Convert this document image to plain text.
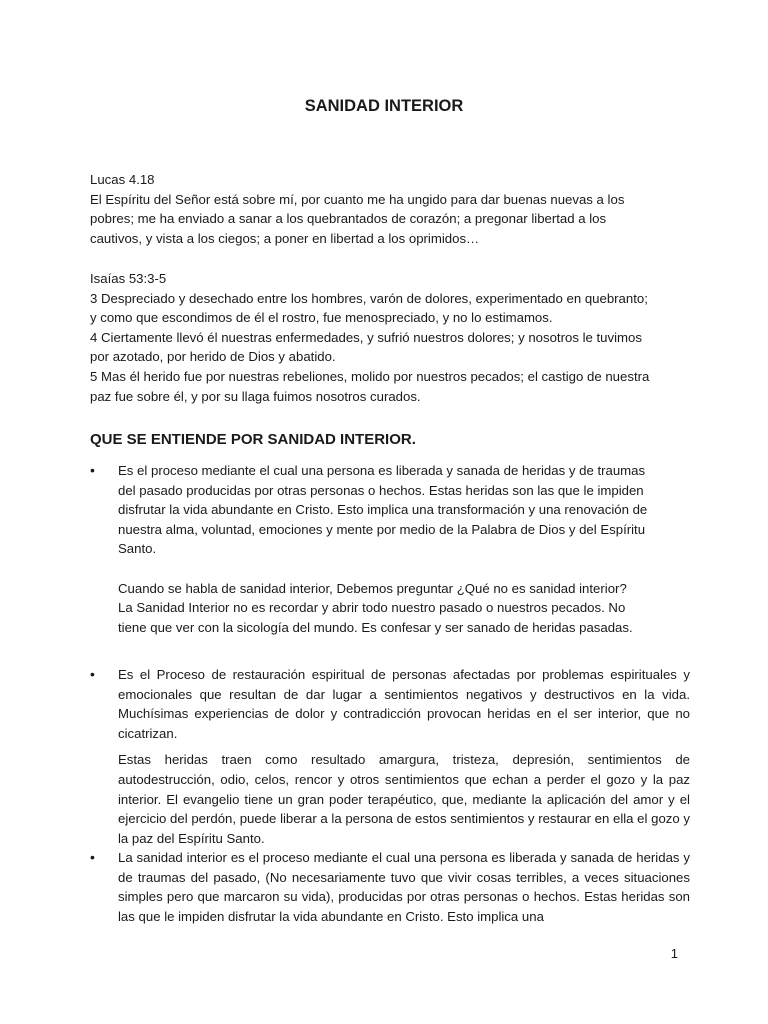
SANIDAD INTERIOR

Lucas 4.18

El Espíritu del Señor está sobre mí, por cuanto me ha ungido para dar buenas nuevas a los

pobres; me ha enviado a sanar a los quebrantados de corazón; a pregonar libertad a los

cautivos, y vista a los ciegos; a poner en libertad a los oprimidos…

Isaías 53:3-5

3 Despreciado y desechado entre los hombres, varón de dolores, experimentado en quebranto;

y como que escondimos de él el rostro, fue menospreciado, y no lo estimamos.

4 Ciertamente llevó él nuestras enfermedades, y sufrió nuestros dolores; y nosotros le tuvimos

por azotado, por herido de Dios y abatido.

5 Mas él herido fue por nuestras rebeliones, molido por nuestros pecados; el castigo de nuestra

paz fue sobre él, y por su llaga fuimos nosotros curados.

QUE SE ENTIENDE POR SANIDAD INTERIOR.
•	Es el proceso mediante el cual una persona es liberada y sanada de heridas y de traumas

del pasado producidas por otras personas o hechos. Estas heridas son las que le impiden

disfrutar la vida abundante en Cristo. Esto implica una transformación y una renovación de

nuestra alma, voluntad, emociones y mente por medio de la Palabra de Dios y del Espíritu

Santo.

Cuando se habla de sanidad interior, Debemos preguntar ¿Qué no es sanidad interior?

La Sanidad Interior no es recordar y abrir todo nuestro pasado o nuestros pecados. No

tiene que ver con la sicología del mundo. Es confesar y ser sanado de heridas pasadas.

•	Es el Proceso de restauración espiritual de personas afectadas por problemas espirituales y emocionales que resultan de dar lugar a sentimientos negativos y destructivos en la vida. Muchísimas experiencias de dolor y contradicción provocan heridas en el ser interior, que no cicatrizan.

Estas heridas traen como resultado amargura, tristeza, depresión, sentimientos de autodestrucción, odio, celos, rencor y otros sentimientos que echan a perder el gozo y la paz interior. El evangelio tiene un gran poder terapéutico, que, mediante la aplicación del amor y el ejercicio del perdón, puede liberar a la persona de estos sentimientos y restaurar en ella el gozo y la paz del Espíritu Santo.

•	La sanidad interior es el proceso mediante el cual una persona es liberada y sanada de heridas y de traumas del pasado, (No necesariamente tuvo que vivir cosas terribles, a veces situaciones simples pero que marcaron su vida), producidas por otras personas o hechos. Estas heridas son las que le impiden disfrutar la vida abundante en Cristo. Esto implica una

1
